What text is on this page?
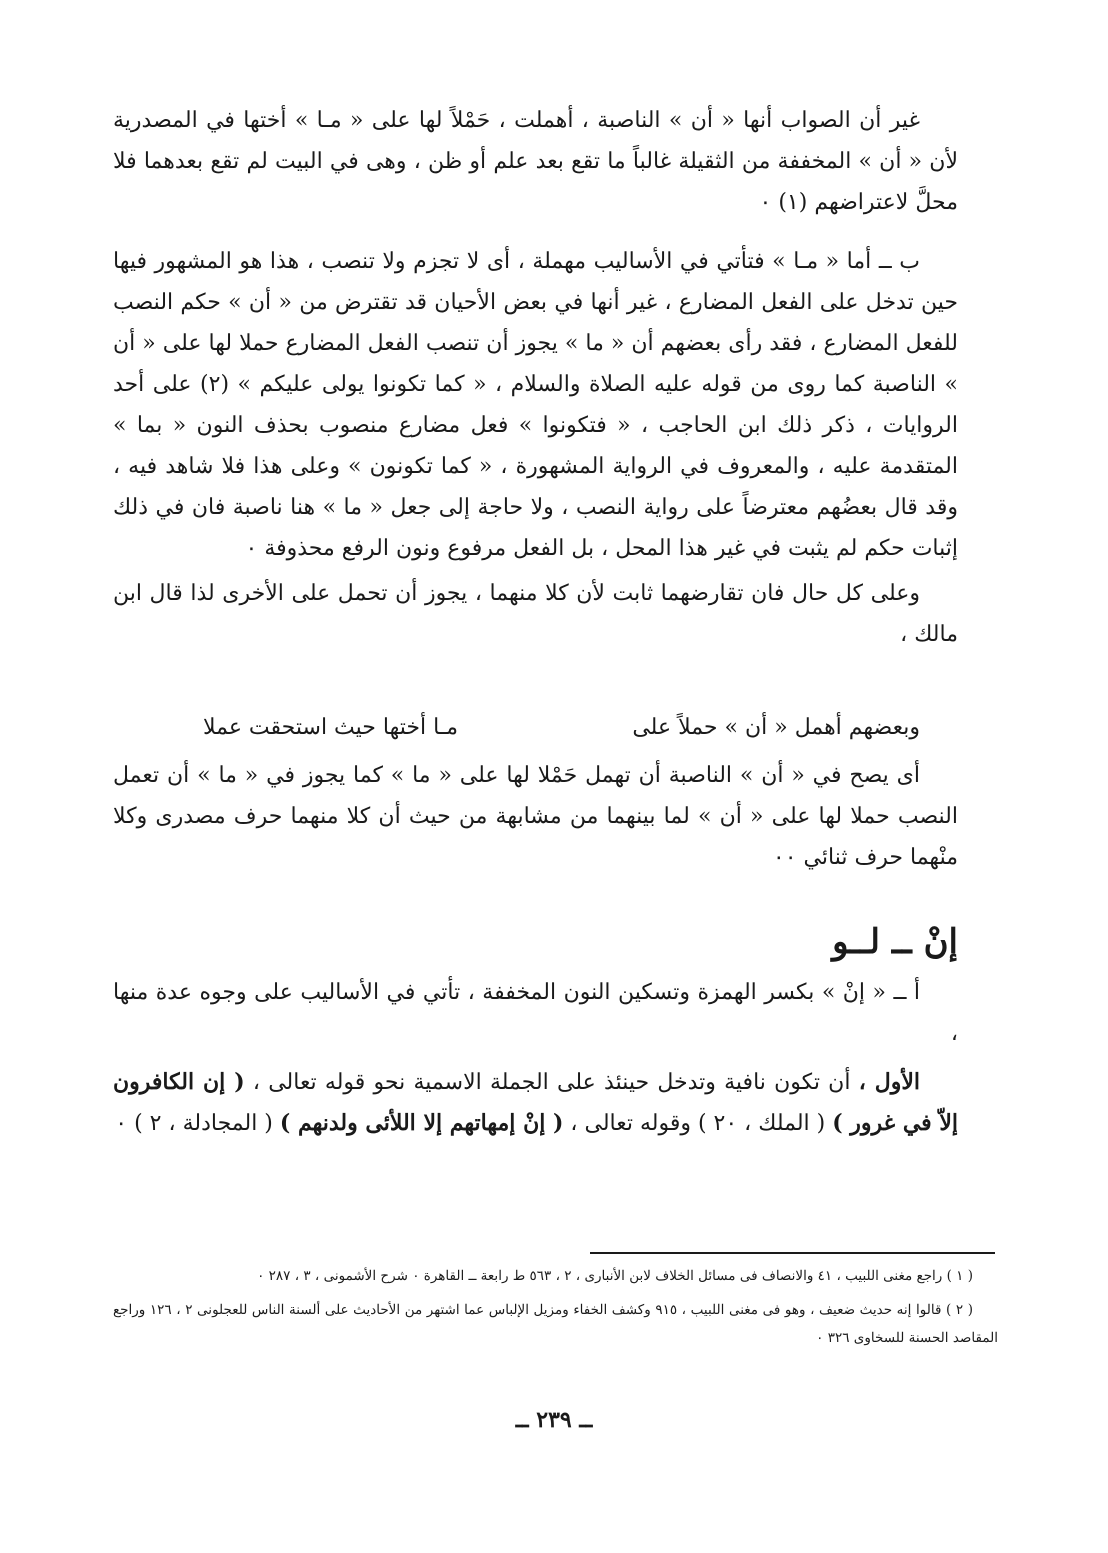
غير أن الصواب أنها « أن » الناصبة ، أهملت ، حَمْلاً لها على « مـا » أختها في المصدرية لأن « أن » المخففة من الثقيلة غالباً ما تقع بعد علم أو ظن ، وهى في البيت لم تقع بعدهما فلا محلَّ لاعتراضهم (١) ٠

ب ــ أما « مـا » فتأتي في الأساليب مهملة ، أى لا تجزم ولا تنصب ، هذا هو المشهور فيها حين تدخل على الفعل المضارع ، غير أنها في بعض الأحيان قد تقترض من « أن » حكم النصب للفعل المضارع ، فقد رأى بعضهم أن « ما » يجوز أن تنصب الفعل المضارع حملا لها على « أن » الناصبة كما روى من قوله عليه الصلاة والسلام ، « كما تكونوا يولى عليكم » (٢) على أحد الروايات ، ذكر ذلك ابن الحاجب ، « فتكونوا » فعل مضارع منصوب بحذف النون « بما » المتقدمة عليه ، والمعروف في الرواية المشهورة ، « كما تكونون » وعلى هذا فلا شاهد فيه ، وقد قال بعضُهم معترضاً على رواية النصب ، ولا حاجة إلى جعل « ما » هنا ناصبة فان في ذلك إثبات حكم لم يثبت في غير هذا المحل ، بل الفعل مرفوع ونون الرفع محذوفة ٠

وعلى كل حال فان تقارضهما ثابت لأن كلا منهما ، يجوز أن تحمل على الأخرى لذا قال ابن مالك ،

وبعضهم أهمل « أن » حملاً على
مـا أختها حيث استحقت عملا

أى يصح في « أن » الناصبة أن تهمل حَمْلا لها على « ما » كما يجوز في « ما » أن تعمل النصب حملا لها على « أن » لما بينهما من مشابهة من حيث أن كلا منهما حرف مصدرى وكلا منْهما حرف ثنائي ٠٠

إنْ ــ لــو

أ ــ « إنْ » بكسر الهمزة وتسكين النون المخففة ، تأتي في الأساليب على وجوه عدة منها ،

الأول ، أن تكون نافية وتدخل حينئذ على الجملة الاسمية نحو قوله تعالى ، ( إن الكافرون إلاّ في غرور ) ( الملك ، ٢٠ ) وقوله تعالى ، ( إنْ إمهاتهم إلا اللأئى ولدنهم ) ( المجادلة ، ٢ ) ٠

( ١ ) راجع مغنى اللبيب ، ٤١ والانصاف فى مسائل الخلاف لابن الأنبارى ، ٢ ، ٥٦٣ ط رابعة ــ القاهرة ٠ شرح الأشمونى ، ٣ ، ٢٨٧ ٠

( ٢ ) قالوا إنه حديث ضعيف ، وهو فى مغنى اللبيب ، ٩١٥ وكشف الخفاء ومزيل الإلباس عما اشتهر من الأحاديث على ألسنة الناس للعجلونى ٢ ، ١٢٦ وراجع المقاصد الحسنة للسخاوى ٣٢٦ ٠

ــ ٢٣٩ ــ
